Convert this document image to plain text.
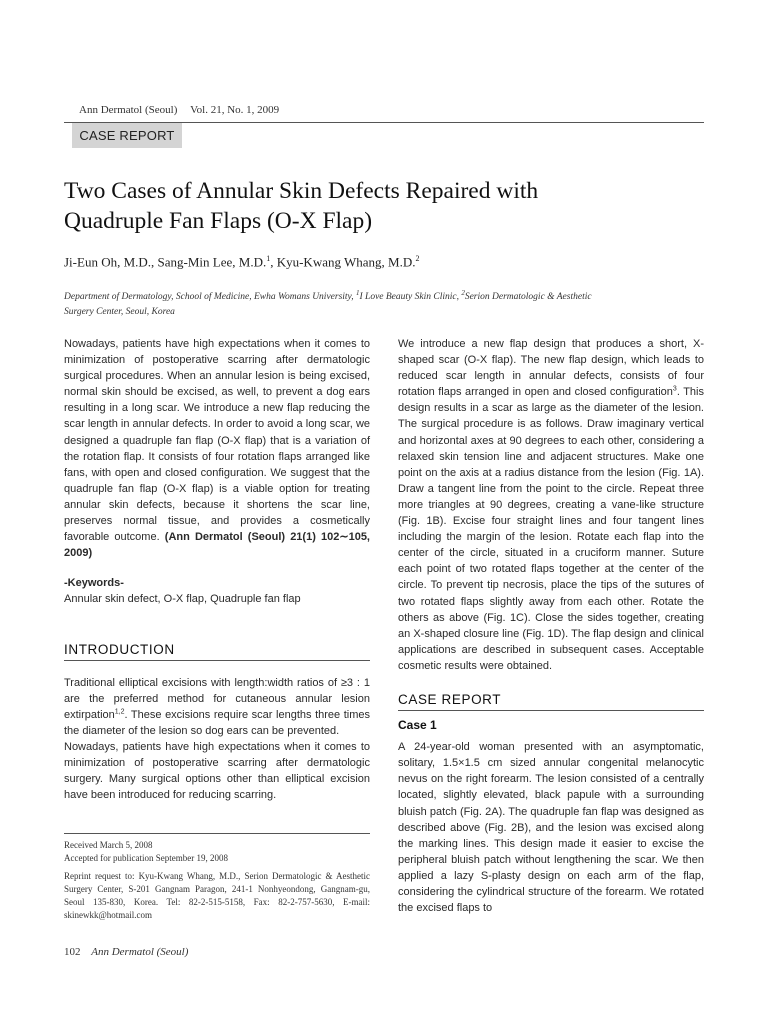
Ann Dermatol (Seoul) Vol. 21, No. 1, 2009
CASE REPORT
Two Cases of Annular Skin Defects Repaired with
Quadruple Fan Flaps (O-X Flap)
Ji-Eun Oh, M.D., Sang-Min Lee, M.D.$^1$, Kyu-Kwang Whang, M.D.$^2$
Department of Dermatology, School of Medicine, Ewha Womans University, $^1$I Love Beauty Skin Clinic, $^2$Serion Dermatologic & Aesthetic
Surgery Center, Seoul, Korea

Nowadays, patients have high expectations when it comes to minimization of postoperative scarring after dermatologic surgical procedures. When an annular lesion is being excised, normal skin should be excised, as well, to prevent a dog ears resulting in a long scar. We introduce a new flap reducing the scar length in annular defects. In order to avoid a long scar, we designed a quadruple fan flap (O-X flap) that is a variation of the rotation flap. It consists of four rotation flaps arranged like fans, with open and closed configuration. We suggest that the quadruple fan flap (O-X flap) is a viable option for treating annular skin defects, because it shortens the scar line, preserves normal tissue, and provides a cosmetically favorable outcome. (Ann Dermatol (Seoul) 21(1) 102∼105, 2009)

-Keywords-

Annular skin defect, O-X flap, Quadruple fan flap

INTRODUCTION

Traditional elliptical excisions with length:width ratios of ≥3 : 1 are the preferred method for cutaneous annular lesion extirpation$^{1,2}$. These excisions require scar lengths three times the diameter of the lesion so dog ears can be prevented.

Nowadays, patients have high expectations when it comes to minimization of postoperative scarring after dermatologic surgery. Many surgical options other than elliptical excision have been introduced for reducing scarring.

Received March 5, 2008

Accepted for publication September 19, 2008

Reprint request to: Kyu-Kwang Whang, M.D., Serion Dermatologic & Aesthetic Surgery Center, S-201 Gangnam Paragon, 241-1 Nonhyeondong, Gangnam-gu, Seoul 135-830, Korea. Tel: 82-2-515-5158, Fax: 82-2-757-5630, E-mail: skinewkk@hotmail.com

We introduce a new flap design that produces a short, X-shaped scar (O-X flap). The new flap design, which leads to reduced scar length in annular defects, consists of four rotation flaps arranged in open and closed configuration$^3$. This design results in a scar as large as the diameter of the lesion. The surgical procedure is as follows. Draw imaginary vertical and horizontal axes at 90 degrees to each other, considering a relaxed skin tension line and adjacent structures. Make one point on the axis at a radius distance from the lesion (Fig. 1A). Draw a tangent line from the point to the circle. Repeat three more triangles at 90 degrees, creating a vane-like structure (Fig. 1B). Excise four straight lines and four tangent lines including the margin of the lesion. Rotate each flap into the center of the circle, situated in a cruciform manner. Suture each point of two rotated flaps together at the center of the circle. To prevent tip necrosis, place the tips of the sutures of two rotated flaps slightly away from each other. Rotate the others as above (Fig. 1C). Close the sides together, creating an X-shaped closure line (Fig. 1D). The flap design and clinical applications are described in subsequent cases. Acceptable cosmetic results were obtained.

CASE REPORT
Case 1

A 24-year-old woman presented with an asymptomatic, solitary, 1.5×1.5 cm sized annular congenital melanocytic nevus on the right forearm. The lesion consisted of a centrally located, slightly elevated, black papule with a surrounding bluish patch (Fig. 2A). The quadruple fan flap was designed as described above (Fig. 2B), and the lesion was excised along the marking lines. This design made it easier to excise the peripheral bluish patch without lengthening the scar. We then applied a lazy S-plasty design on each arm of the flap, considering the cylindrical structure of the forearm. We rotated the excised flaps to

102 Ann Dermatol (Seoul)
